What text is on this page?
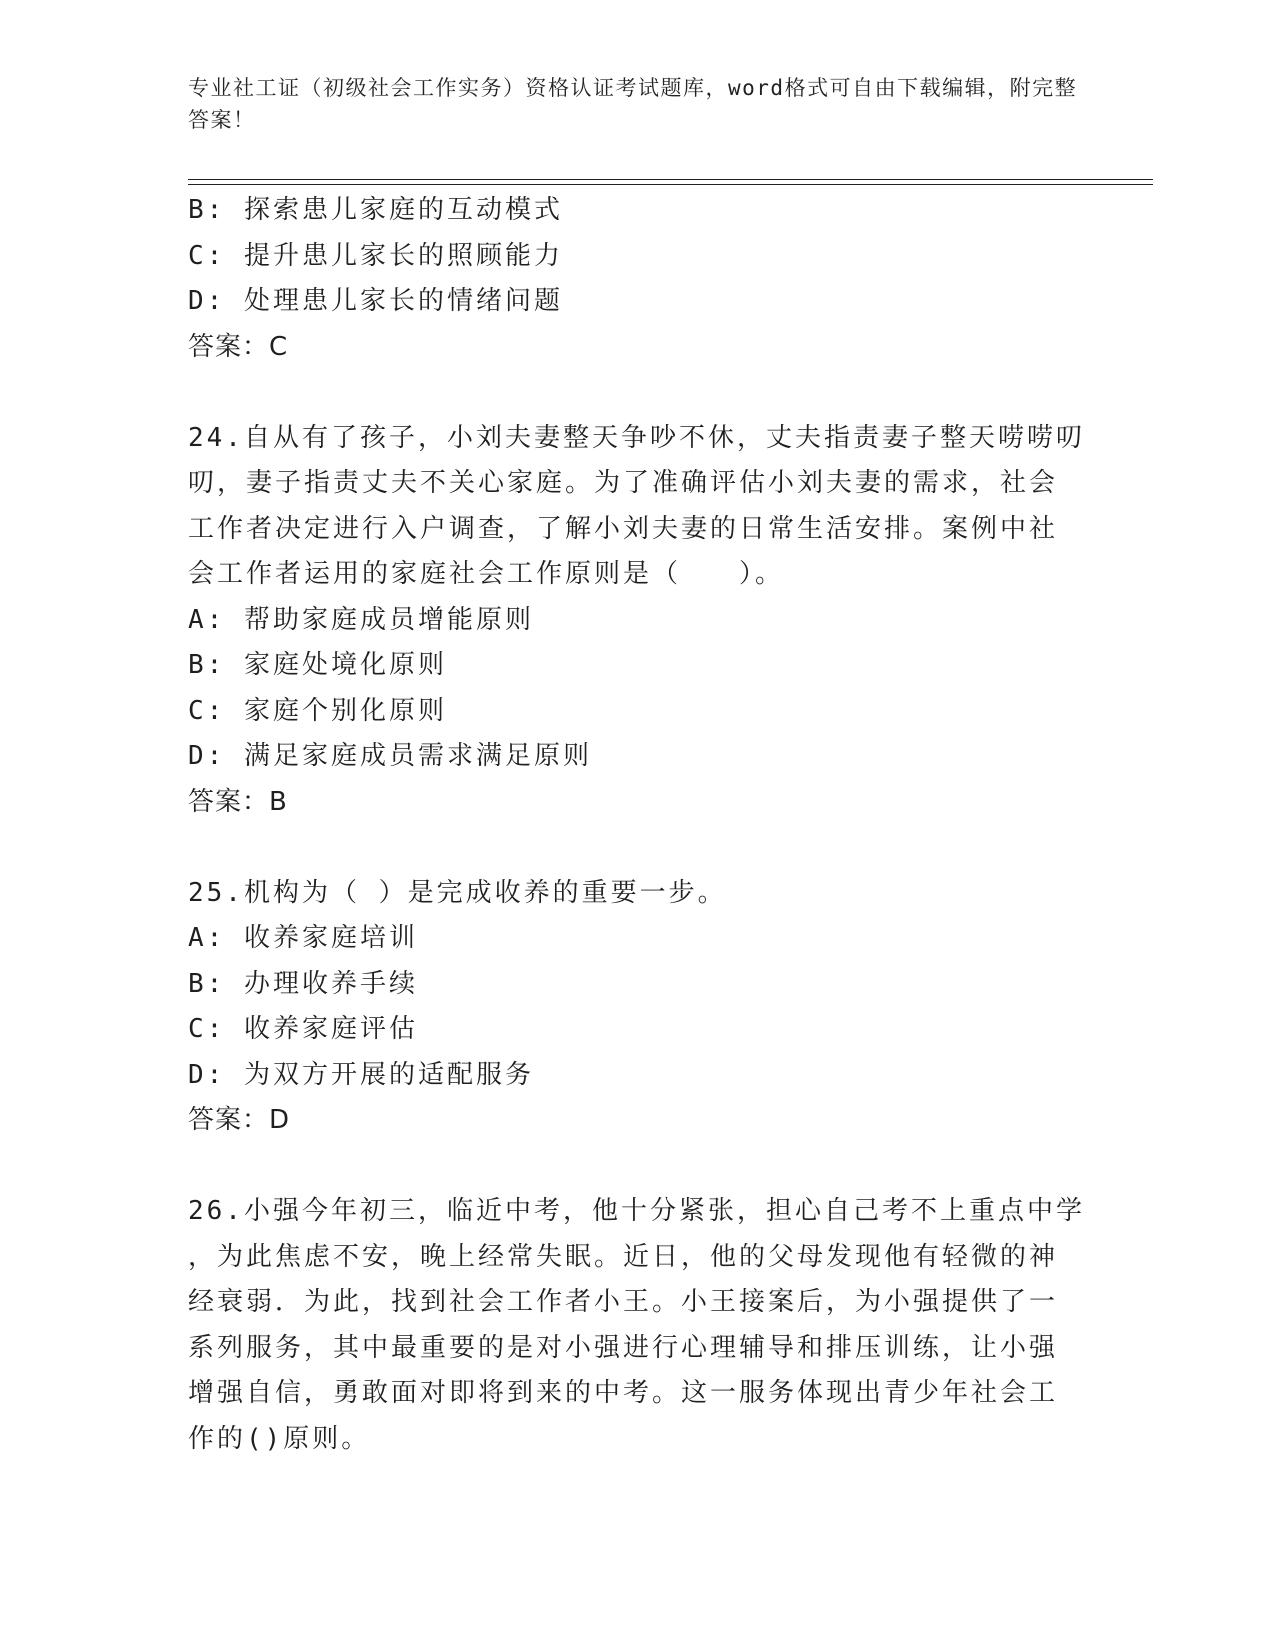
专业社工证（初级社会工作实务）资格认证考试题库，word格式可自由下载编辑，附完整答案！
B: 探索患儿家庭的互动模式
C: 提升患儿家长的照顾能力
D: 处理患儿家长的情绪问题
答案：C
24.自从有了孩子，小刘夫妻整天争吵不休，丈夫指责妻子整天唠唠叨
叨，妻子指责丈夫不关心家庭。为了准确评估小刘夫妻的需求，社会
工作者决定进行入户调查，了解小刘夫妻的日常生活安排。案例中社
会工作者运用的家庭社会工作原则是（　　）。
A: 帮助家庭成员增能原则
B: 家庭处境化原则
C: 家庭个别化原则
D: 满足家庭成员需求满足原则
答案：B
25.机构为（ ）是完成收养的重要一步。
A: 收养家庭培训
B: 办理收养手续
C: 收养家庭评估
D: 为双方开展的适配服务
答案：D
26.小强今年初三，临近中考，他十分紧张，担心自己考不上重点中学
，为此焦虑不安，晚上经常失眠。近日，他的父母发现他有轻微的神
经衰弱．为此，找到社会工作者小王。小王接案后，为小强提供了一
系列服务，其中最重要的是对小强进行心理辅导和排压训练，让小强
增强自信，勇敢面对即将到来的中考。这一服务体现出青少年社会工
作的()原则。
